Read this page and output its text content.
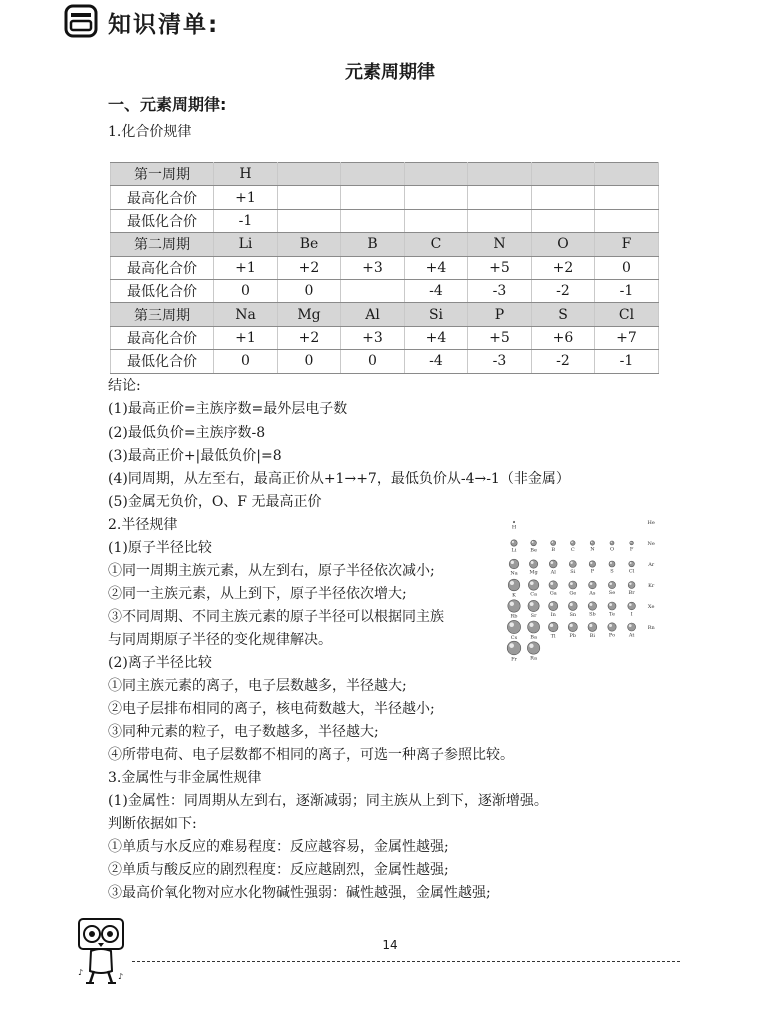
知识清单:
元素周期律
一、元素周期律:
1.化合价规律
第一周期	H						
最高化合价	+1						
最低化合价	-1						
第二周期	Li	Be	B	C	N	O	F
最高化合价	+1	+2	+3	+4	+5	+2	0
最低化合价	0	0		-4	-3	-2	-1
第三周期	Na	Mg	Al	Si	P	S	Cl
最高化合价	+1	+2	+3	+4	+5	+6	+7
最低化合价	0	0	0	-4	-3	-2	-1
结论:
(1)最高正价=主族序数=最外层电子数
(2)最低负价=主族序数-8
(3)最高正价+|最低负价|=8
(4)同周期，从左至右，最高正价从+1→+7，最低负价从-4→-1（非金属）
(5)金属无负价，O、F 无最高正价
2.半径规律
(1)原子半径比较
①同一周期主族元素，从左到右，原子半径依次减小;
②同一主族元素，从上到下，原子半径依次增大;
③不同周期、不同主族元素的原子半径可以根据同主族
与同周期原子半径的变化规律解决。
(2)离子半径比较
①同主族元素的离子，电子层数越多，半径越大;
②电子层排布相同的离子，核电荷数越大，半径越小;
③同种元素的粒子，电子数越多，半径越大;
④所带电荷、电子层数都不相同的离子，可选一种离子参照比较。
3.金属性与非金属性规律
(1)金属性：同周期从左到右，逐渐减弱；同主族从上到下，逐渐增强。
判断依据如下:
①单质与水反应的难易程度：反应越容易，金属性越强;
②单质与酸反应的剧烈程度：反应越剧烈，金属性越强;
③最高价氧化物对应水化物碱性强弱：碱性越强，金属性越强;
H
He
Li	Be	B	C	N	O	F
Ne
Na Mg	Al	Si	P	S	Cl
Ar
K	Ca	Ga	Ge	As	Se	Br
Kr
Rb	Sr	In	Sn	Sb	Te	I
Xe
Cs	Ba	Tl	Pb	Bi	Po	At
Rn
Fr	Ra
♪	♪
14
